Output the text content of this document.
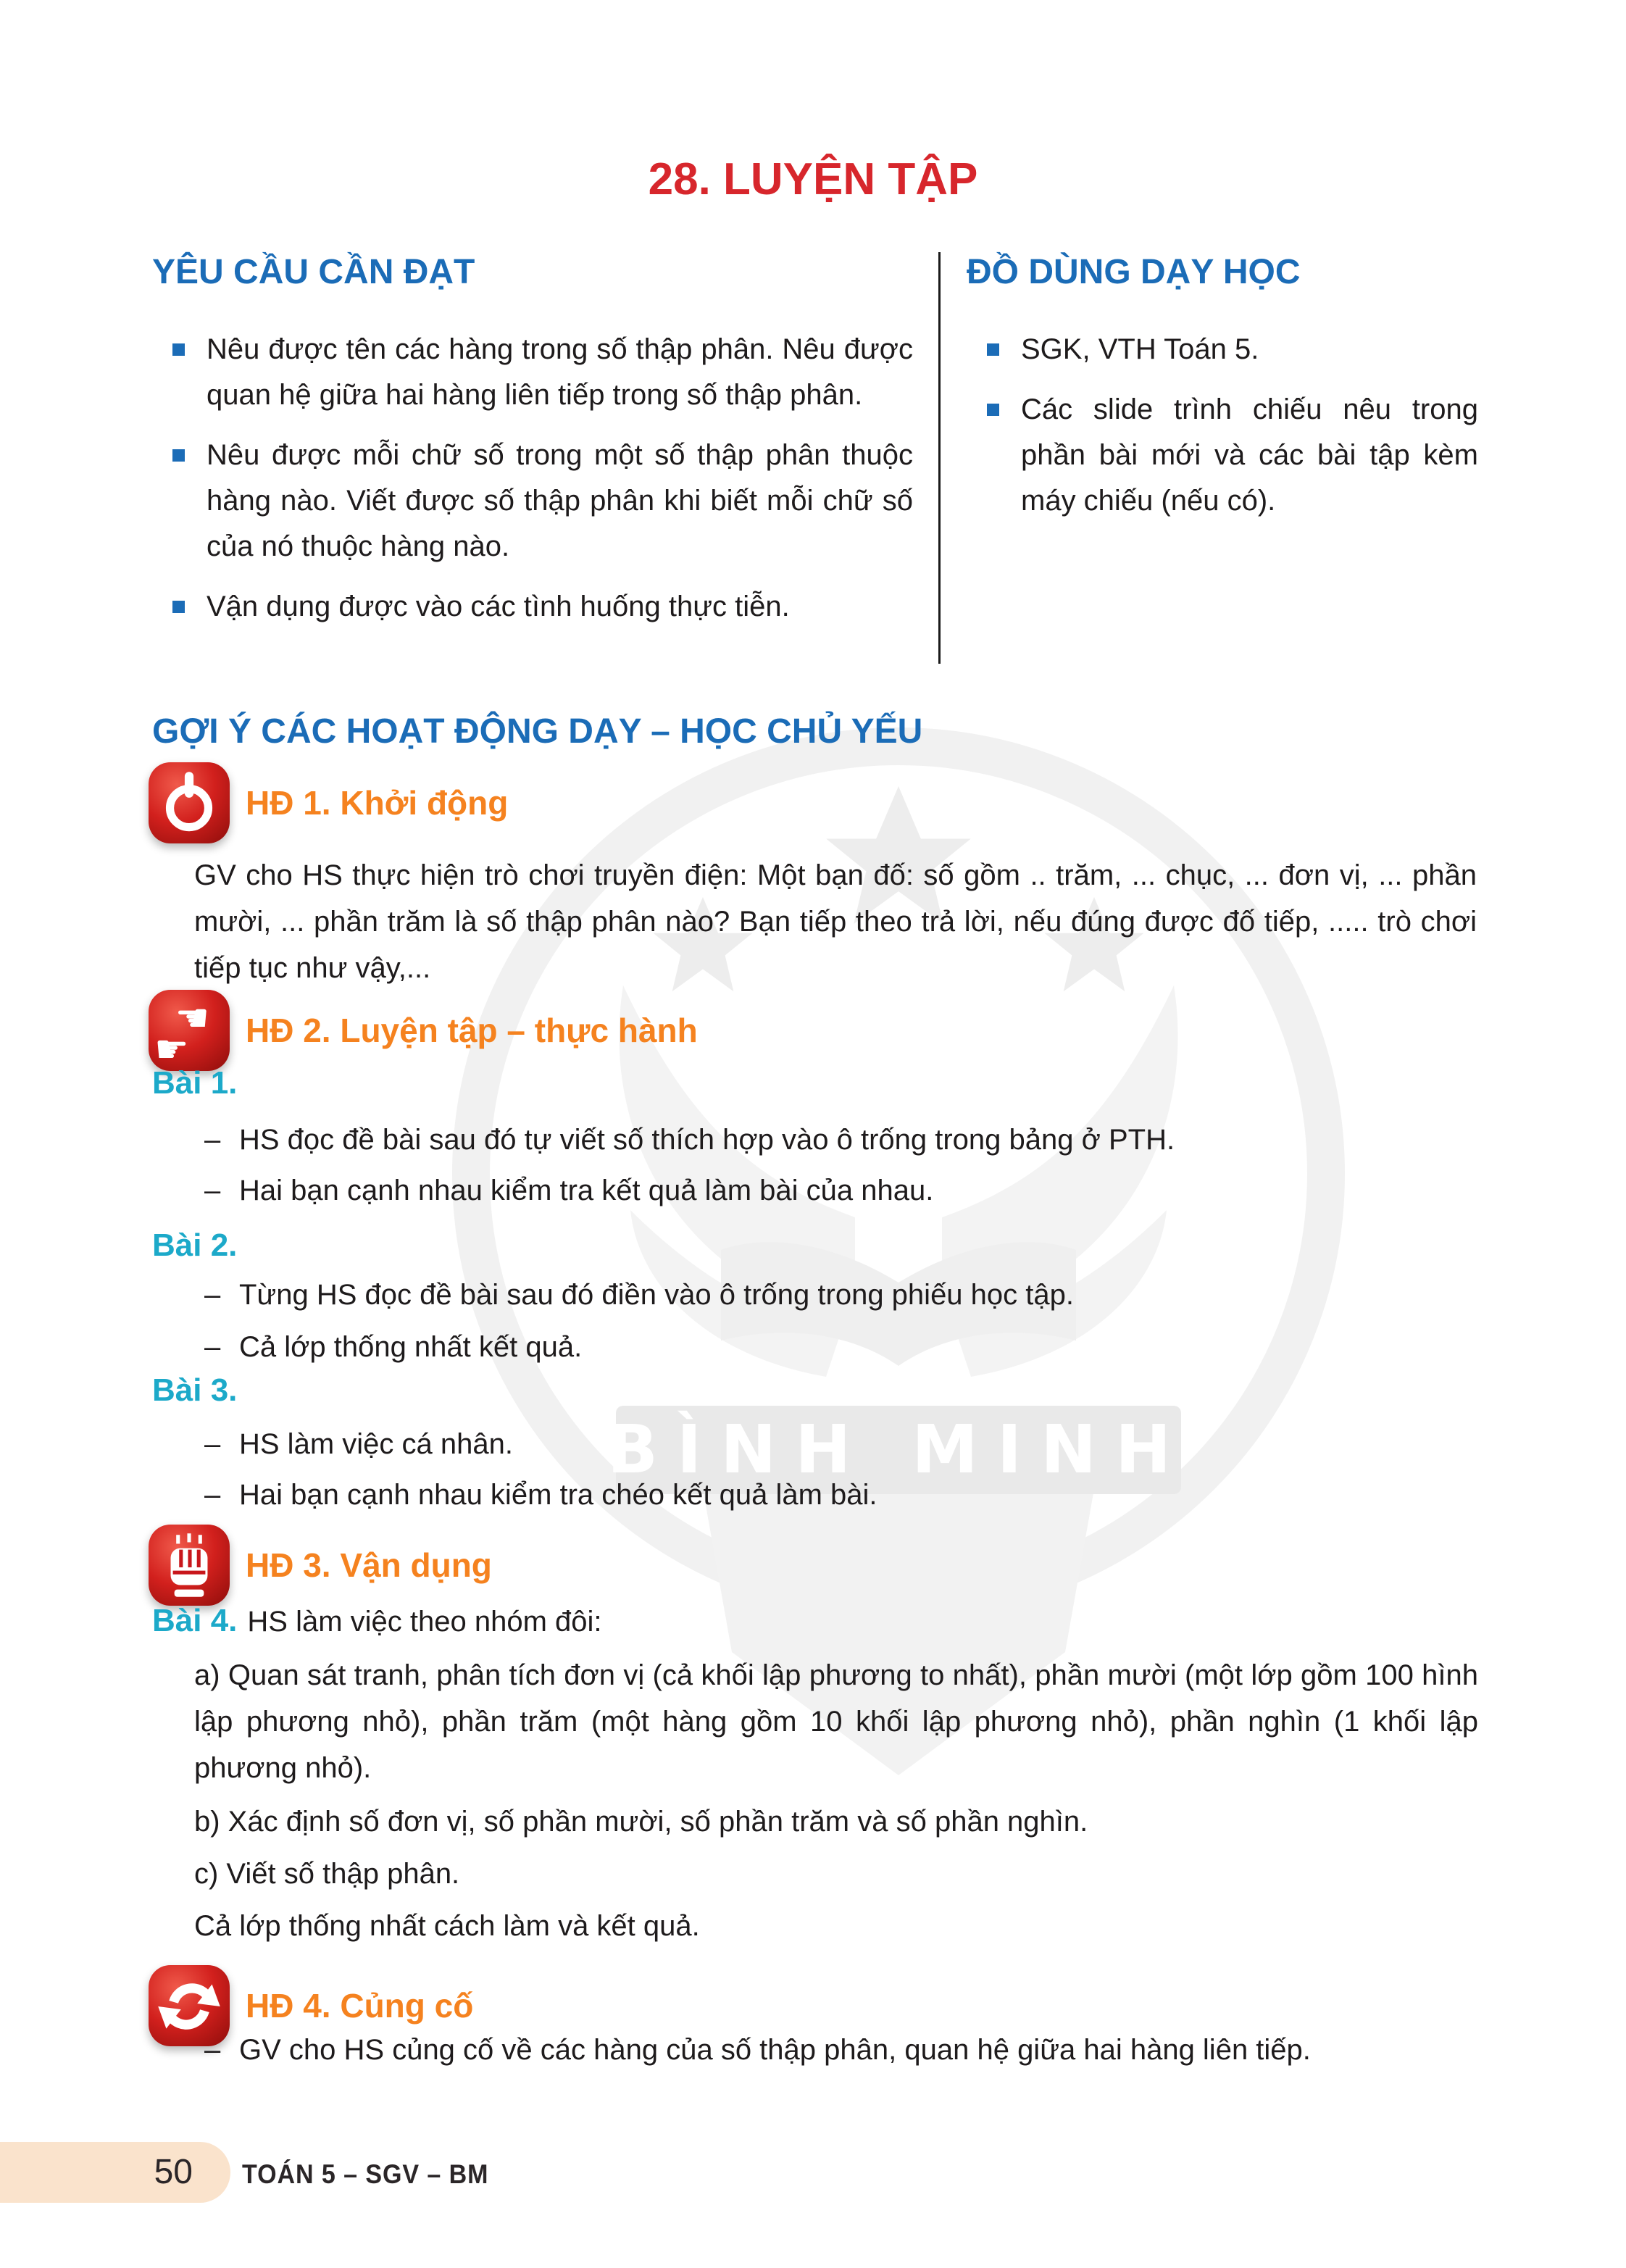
BÌNH MINH
28. LUYỆN TẬP
YÊU CẦU CẦN ĐẠT
Nêu được tên các hàng trong số thập phân. Nêu được quan hệ giữa hai hàng liên tiếp trong số thập phân.
Nêu được mỗi chữ số trong một số thập phân thuộc hàng nào. Viết được số thập phân khi biết mỗi chữ số của nó thuộc hàng nào.
Vận dụng được vào các tình huống thực tiễn.
ĐỒ DÙNG DẠY HỌC
SGK, VTH Toán 5.
Các slide trình chiếu nêu trong phần bài mới và các bài tập kèm máy chiếu (nếu có).
GỢI Ý CÁC HOẠT ĐỘNG DẠY – HỌC CHỦ YẾU
HĐ 1. Khởi động

GV cho HS thực hiện trò chơi truyền điện: Một bạn đố: số gồm .. trăm, ... chục, ... đơn vị, ... phần mười, ... phần trăm là số thập phân nào? Bạn tiếp theo trả lời, nếu đúng được đố tiếp, ..... trò chơi tiếp tục như vậy,...

☚
☛ HĐ 2. Luyện tập – thực hành
Bài 1.
– HS đọc đề bài sau đó tự viết số thích hợp vào ô trống trong bảng ở PTH.
– Hai bạn cạnh nhau kiểm tra kết quả làm bài của nhau.
Bài 2.
– Từng HS đọc đề bài sau đó điền vào ô trống trong phiếu học tập.
– Cả lớp thống nhất kết quả.
Bài 3.
– HS làm việc cá nhân.
– Hai bạn cạnh nhau kiểm tra chéo kết quả làm bài.
HĐ 3. Vận dụng
Bài 4. HS làm việc theo nhóm đôi:
a) Quan sát tranh, phân tích đơn vị (cả khối lập phương to nhất), phần mười (một lớp gồm 100 hình lập phương nhỏ), phần trăm (một hàng gồm 10 khối lập phương nhỏ), phần nghìn (1 khối lập phương nhỏ).
b) Xác định số đơn vị, số phần mười, số phần trăm và số phần nghìn.
c) Viết số thập phân.
Cả lớp thống nhất cách làm và kết quả.
HĐ 4. Củng cố
– GV cho HS củng cố về các hàng của số thập phân, quan hệ giữa hai hàng liên tiếp.
50	TOÁN 5 – SGV – BM
